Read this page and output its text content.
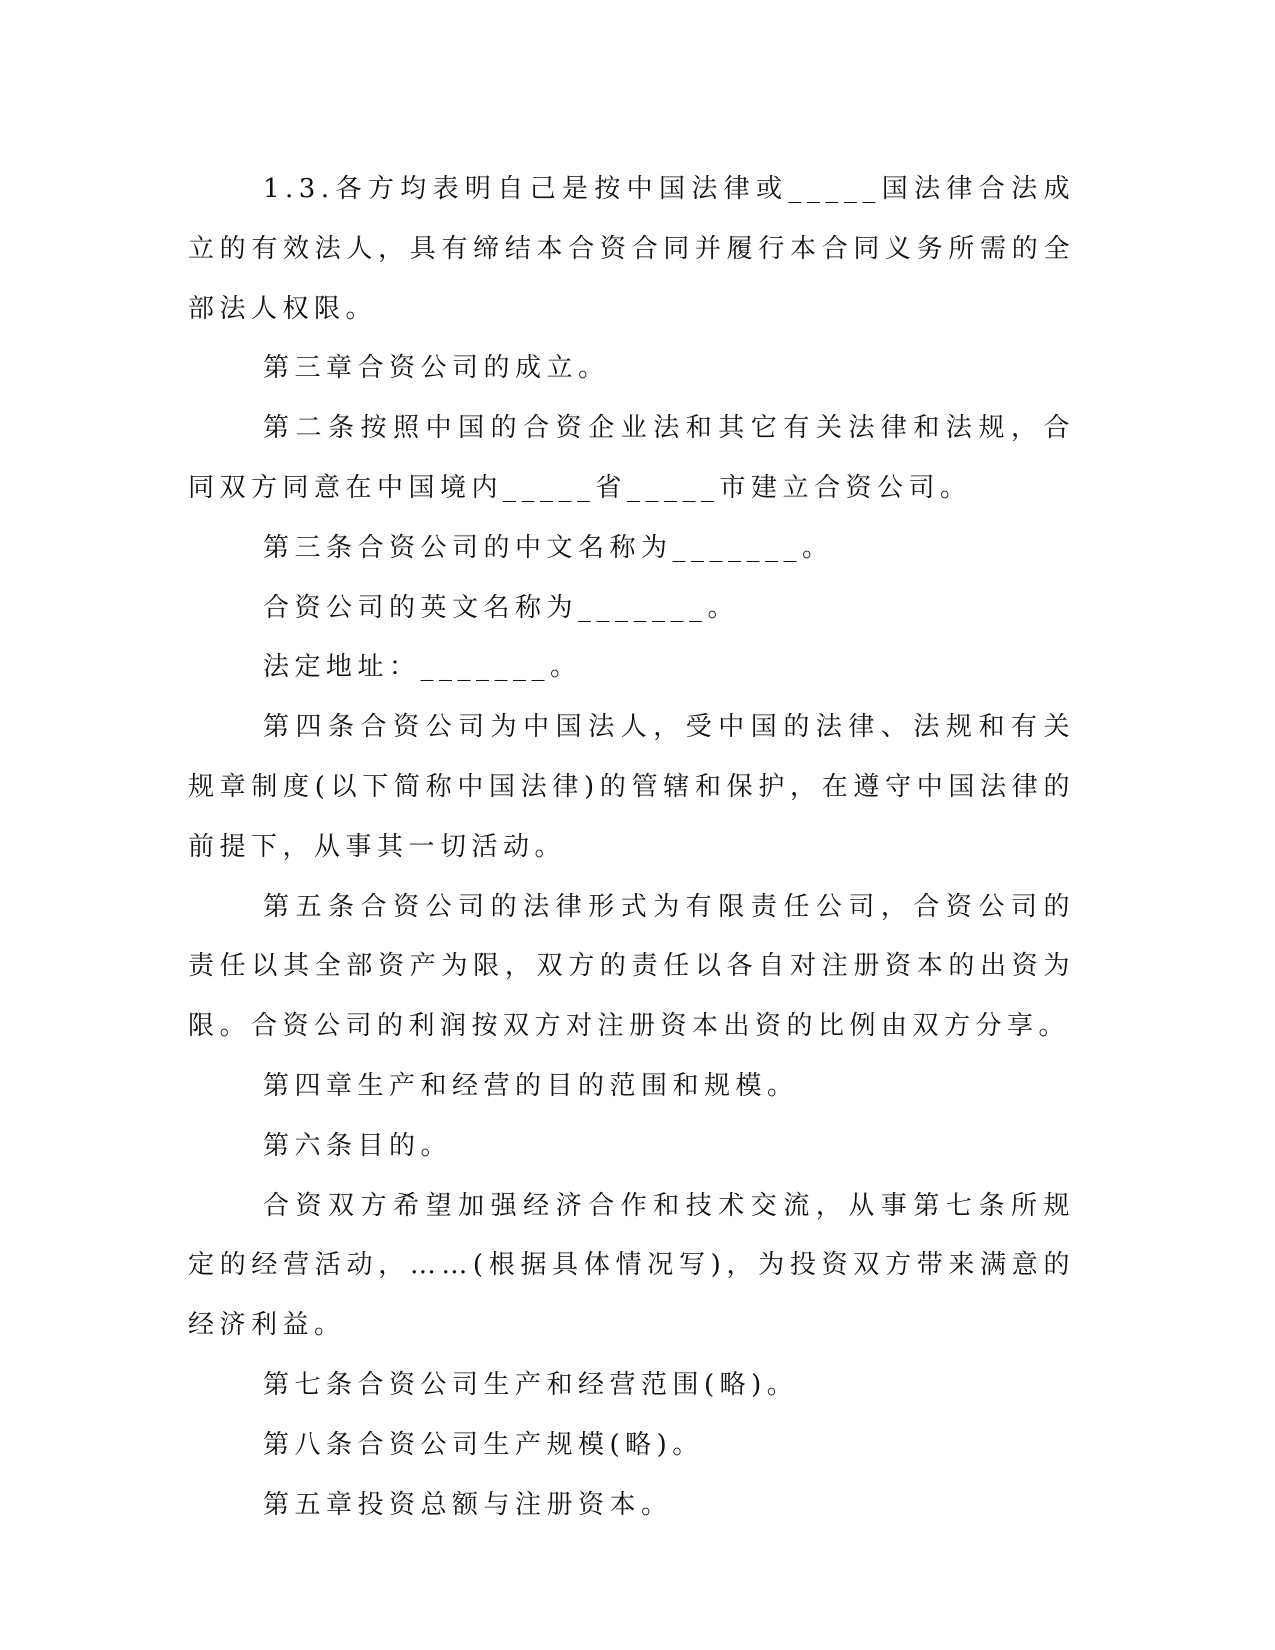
1.3.各方均表明自己是按中国法律或_____国法律合法成立的有效法人，具有缔结本合资合同并履行本合同义务所需的全部法人权限。

第三章合资公司的成立。

第二条按照中国的合资企业法和其它有关法律和法规，合同双方同意在中国境内_____省_____市建立合资公司。

第三条合资公司的中文名称为_______。

合资公司的英文名称为_______。

法定地址：_______。

第四条合资公司为中国法人，受中国的法律、法规和有关规章制度(以下简称中国法律)的管辖和保护，在遵守中国法律的前提下，从事其一切活动。

第五条合资公司的法律形式为有限责任公司，合资公司的责任以其全部资产为限，双方的责任以各自对注册资本的出资为限。合资公司的利润按双方对注册资本出资的比例由双方分享。

第四章生产和经营的目的范围和规模。

第六条目的。

合资双方希望加强经济合作和技术交流，从事第七条所规定的经营活动，……(根据具体情况写)，为投资双方带来满意的经济利益。

第七条合资公司生产和经营范围(略)。

第八条合资公司生产规模(略)。

第五章投资总额与注册资本。
